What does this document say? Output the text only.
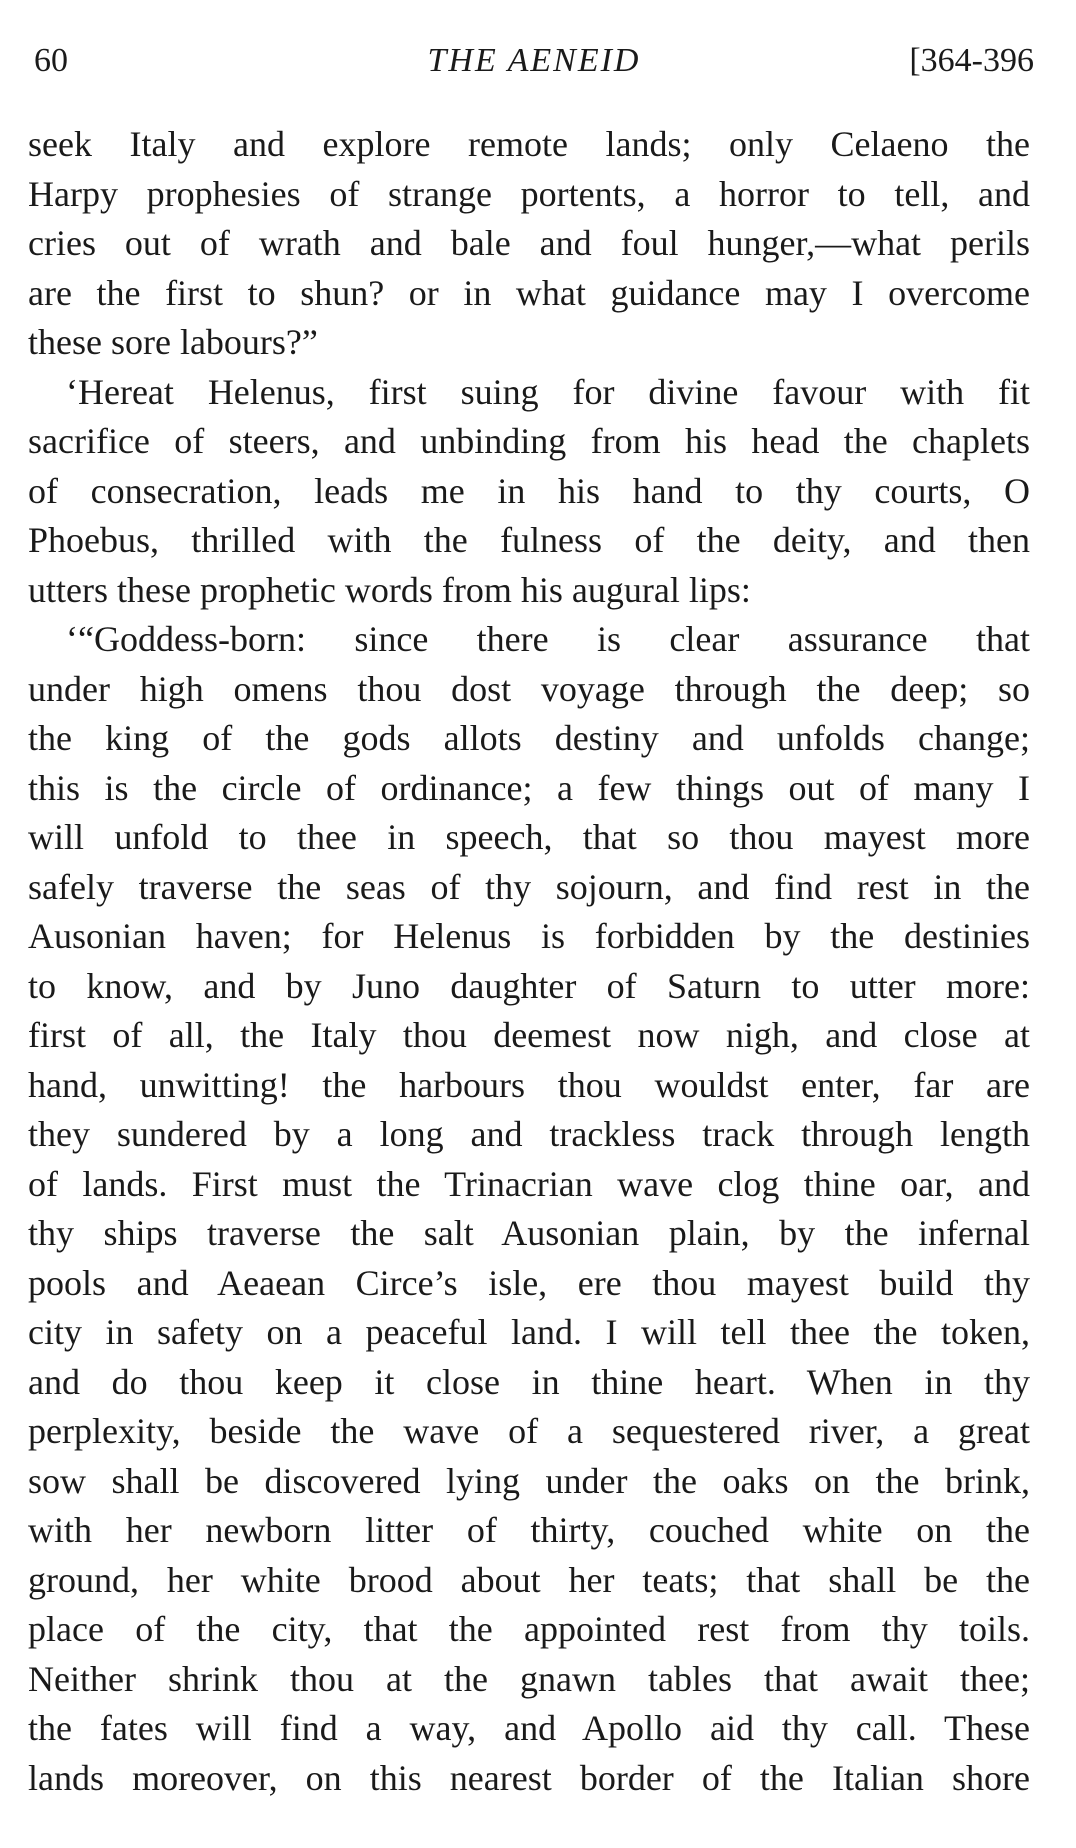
60	THE AENEID	[364-396
seek Italy and explore remote lands; only Celaeno the
Harpy prophesies of strange portents, a horror to tell, and
cries out of wrath and bale and foul hunger,—what perils
are the first to shun? or in what guidance may I overcome
these sore labours?”
‘Hereat Helenus, first suing for divine favour with fit
sacrifice of steers, and unbinding from his head the chaplets
of consecration, leads me in his hand to thy courts, O
Phoebus, thrilled with the fulness of the deity, and then
utters these prophetic words from his augural lips:
‘“Goddess-born: since there is clear assurance that
under high omens thou dost voyage through the deep; so
the king of the gods allots destiny and unfolds change;
this is the circle of ordinance; a few things out of many I
will unfold to thee in speech, that so thou mayest more
safely traverse the seas of thy sojourn, and find rest in the
Ausonian haven; for Helenus is forbidden by the destinies
to know, and by Juno daughter of Saturn to utter more:
first of all, the Italy thou deemest now nigh, and close at
hand, unwitting! the harbours thou wouldst enter, far are
they sundered by a long and trackless track through length
of lands. First must the Trinacrian wave clog thine oar, and
thy ships traverse the salt Ausonian plain, by the infernal
pools and Aeaean Circe’s isle, ere thou mayest build thy
city in safety on a peaceful land. I will tell thee the token,
and do thou keep it close in thine heart. When in thy
perplexity, beside the wave of a sequestered river, a great
sow shall be discovered lying under the oaks on the brink,
with her newborn litter of thirty, couched white on the
ground, her white brood about her teats; that shall be the
place of the city, that the appointed rest from thy toils.
Neither shrink thou at the gnawn tables that await thee;
the fates will find a way, and Apollo aid thy call. These
lands moreover, on this nearest border of the Italian shore
